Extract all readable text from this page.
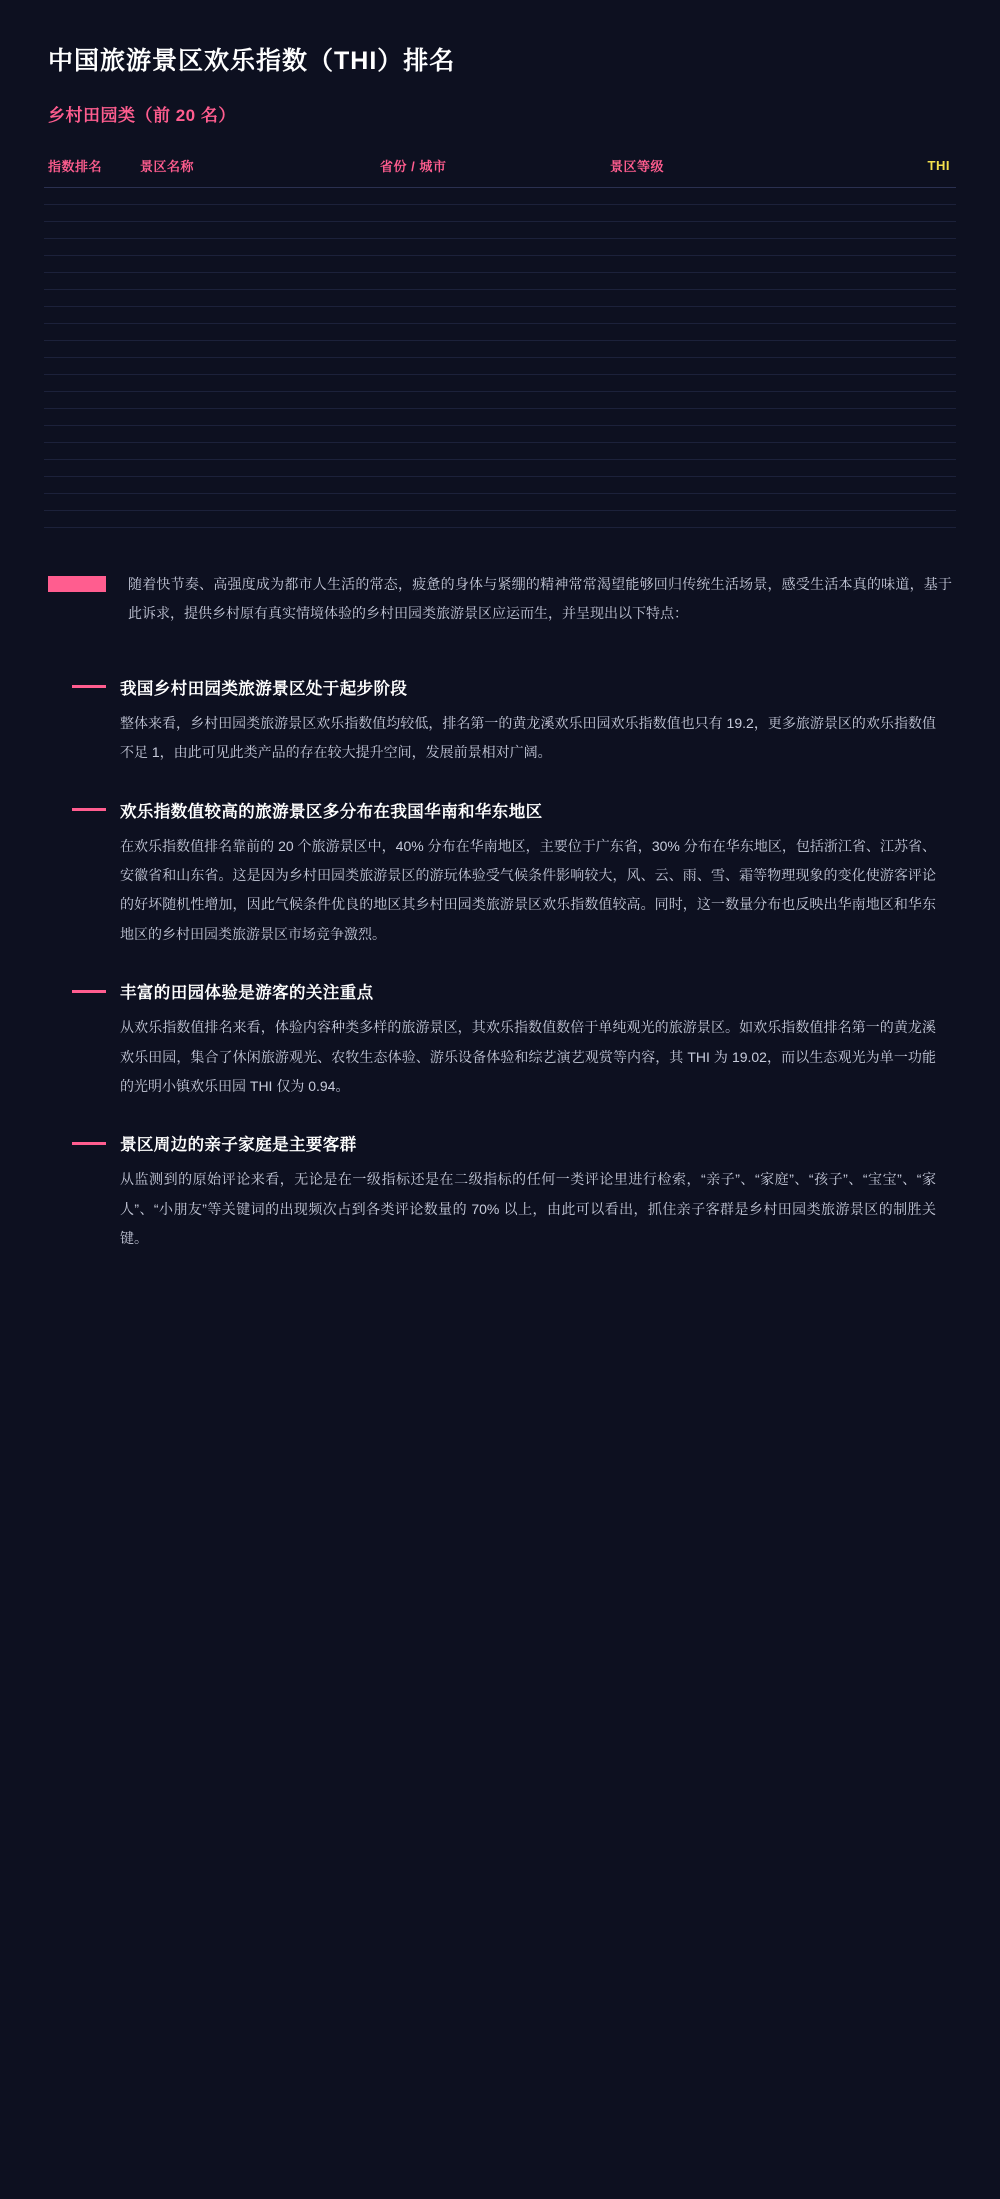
中国旅游景区欢乐指数（THI）排名
乡村田园类（前 20 名）
指数排名	景区名称	省份 / 城市	景区等级	THI

随着快节奏、高强度成为都市人生活的常态，疲惫的身体与紧绷的精神常常渴望能够回归传统生活场景，感受生活本真的味道，基于此诉求，提供乡村原有真实情境体验的乡村田园类旅游景区应运而生，并呈现出以下特点：
我国乡村田园类旅游景区处于起步阶段
整体来看，乡村田园类旅游景区欢乐指数值均较低，排名第一的黄龙溪欢乐田园欢乐指数值也只有 19.2，更多旅游景区的欢乐指数值不足 1，由此可见此类产品的存在较大提升空间，发展前景相对广阔。
欢乐指数值较高的旅游景区多分布在我国华南和华东地区
在欢乐指数值排名靠前的 20 个旅游景区中，40% 分布在华南地区，主要位于广东省，30% 分布在华东地区，包括浙江省、江苏省、安徽省和山东省。这是因为乡村田园类旅游景区的游玩体验受气候条件影响较大，风、云、雨、雪、霜等物理现象的变化使游客评论的好坏随机性增加，因此气候条件优良的地区其乡村田园类旅游景区欢乐指数值较高。同时，这一数量分布也反映出华南地区和华东地区的乡村田园类旅游景区市场竞争激烈。
丰富的田园体验是游客的关注重点
从欢乐指数值排名来看，体验内容种类多样的旅游景区，其欢乐指数值数倍于单纯观光的旅游景区。如欢乐指数值排名第一的黄龙溪欢乐田园，集合了休闲旅游观光、农牧生态体验、游乐设备体验和综艺演艺观赏等内容，其 THI 为 19.02，而以生态观光为单一功能的光明小镇欢乐田园 THI 仅为 0.94。
景区周边的亲子家庭是主要客群
从监测到的原始评论来看，无论是在一级指标还是在二级指标的任何一类评论里进行检索，“亲子”、“家庭”、“孩子”、“宝宝”、“家人”、“小朋友”等关键词的出现频次占到各类评论数量的 70% 以上，由此可以看出，抓住亲子客群是乡村田园类旅游景区的制胜关键。
